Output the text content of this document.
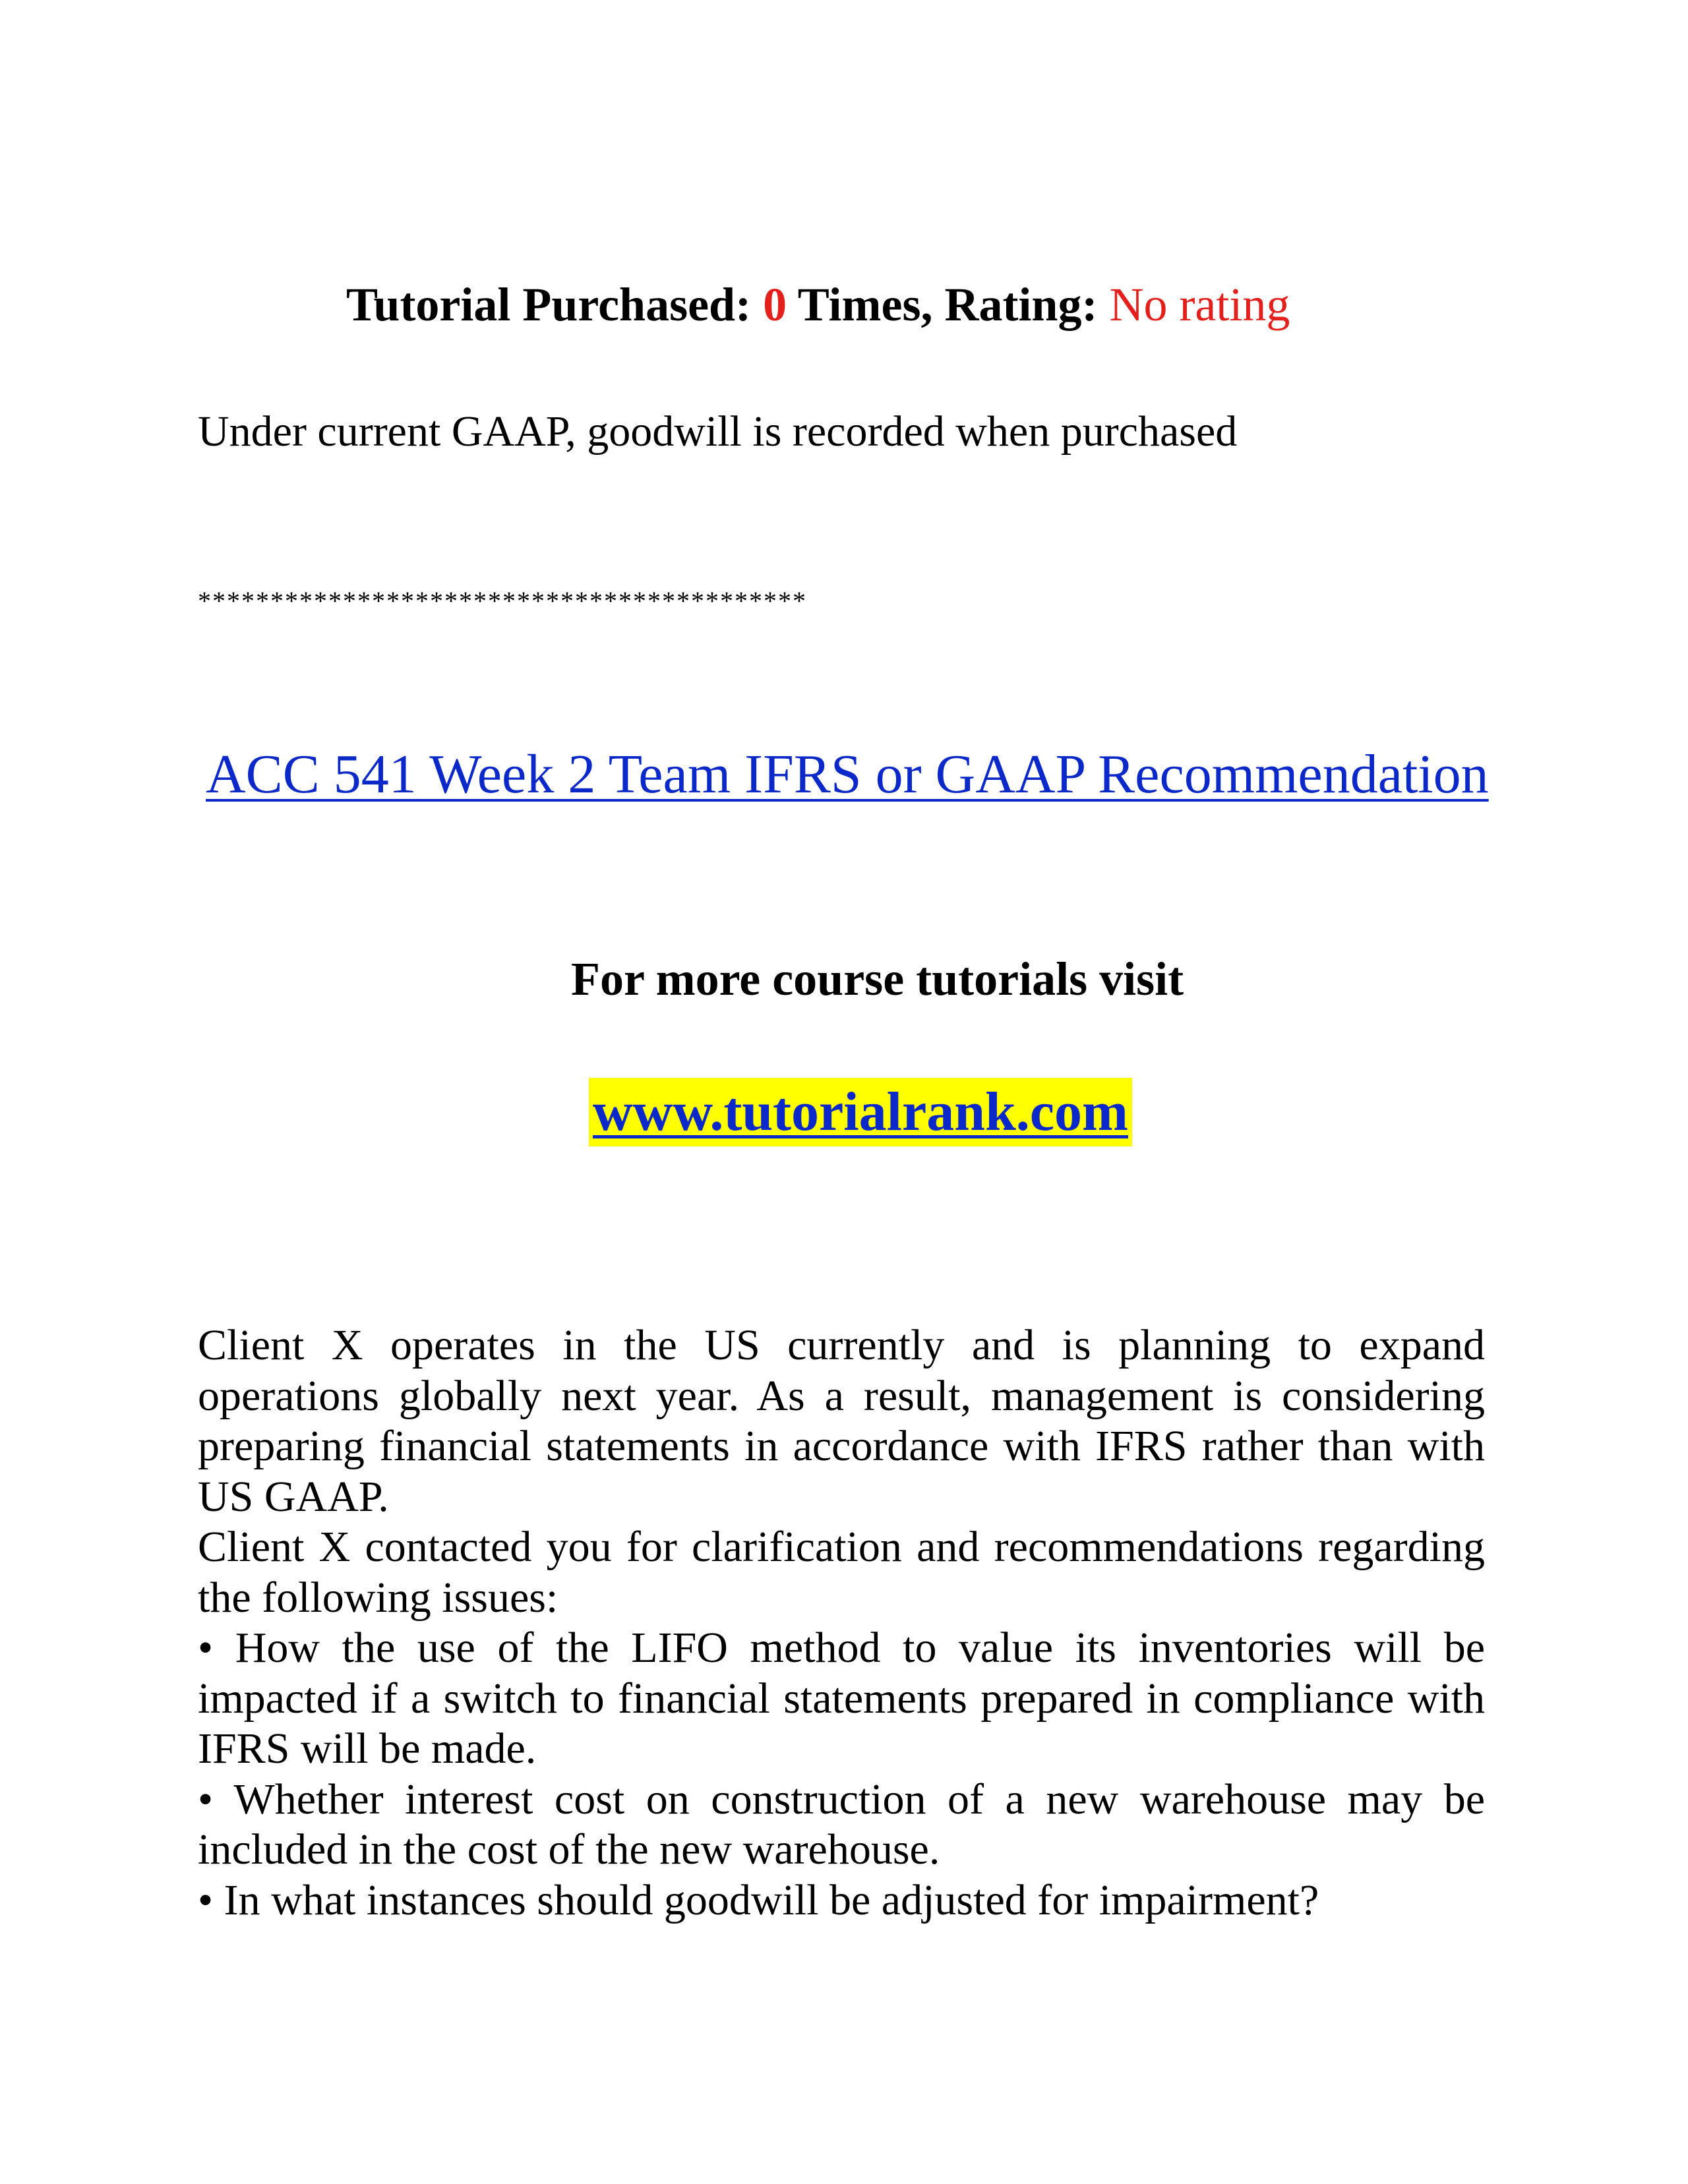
Tutorial Purchased: 0 Times, Rating: No rating
Under current GAAP, goodwill is recorded when purchased
******************************************
ACC 541 Week 2 Team IFRS or GAAP Recommendation
For more course tutorials visit
www.tutorialrank.com

Client X operates in the US currently and is planning to expand operations globally next year. As a result, management is considering preparing financial statements in accordance with IFRS rather than with US GAAP.

Client X contacted you for clarification and recommendations regarding the following issues:

• How the use of the LIFO method to value its inventories will be impacted if a switch to financial statements prepared in compliance with IFRS will be made.

• Whether interest cost on construction of a new warehouse may be included in the cost of the new warehouse.

• In what instances should goodwill be adjusted for impairment?
